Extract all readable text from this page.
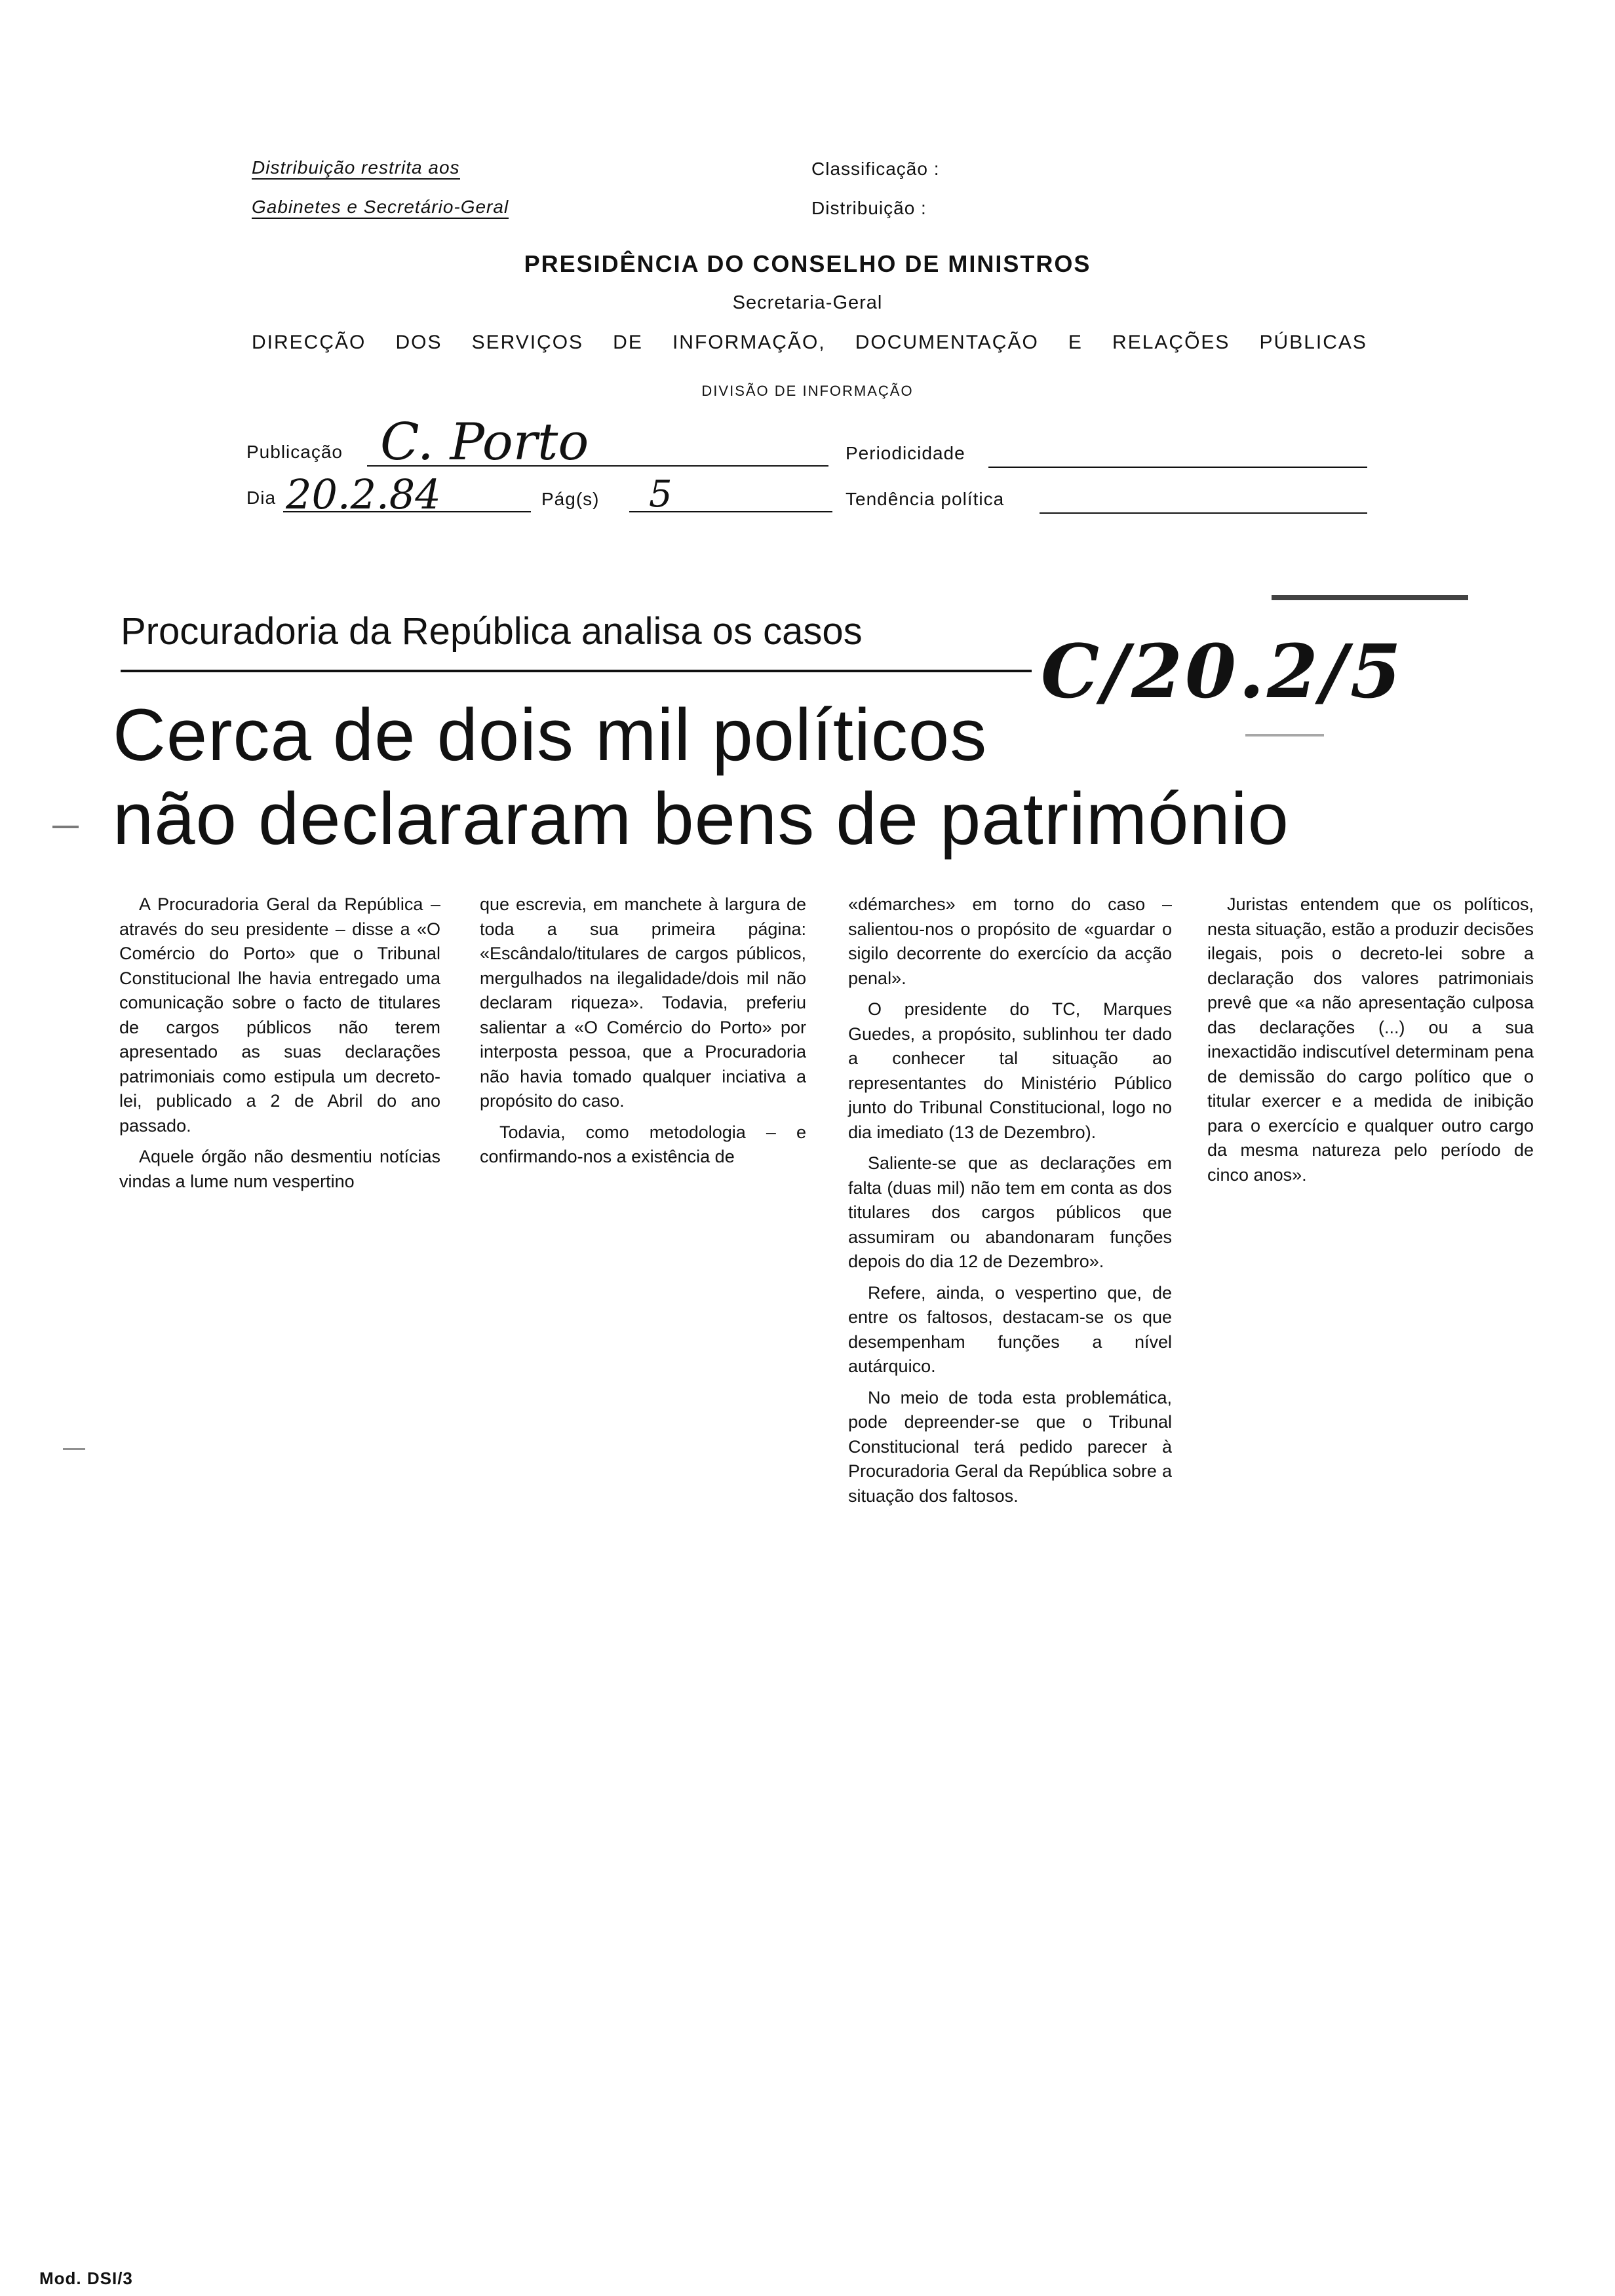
Distribuição restrita aos
Gabinetes e Secretário-Geral
Classificação :
Distribuição :
PRESIDÊNCIA DO CONSELHO DE MINISTROS
Secretaria-Geral
DIRECÇÃO DOS SERVIÇOS DE INFORMAÇÃO, DOCUMENTAÇÃO E RELAÇÕES PÚBLICAS
DIVISÃO DE INFORMAÇÃO
Publicação C. Porto	Periodicidade
Dia 20.2.84	Pág(s) 5	Tendência política
Procuradoria da República analisa os casos C/20.2/5
Cerca de dois mil políticos
não declararam bens de património

A Procuradoria Geral da República – através do seu presidente – disse a «O Comércio do Porto» que o Tribunal Constitucional lhe havia entregado uma comunicação sobre o facto de titulares de cargos públicos não terem apresentado as suas declarações patrimoniais como estipula um decreto-lei, publicado a 2 de Abril do ano passado.

Aquele órgão não desmentiu notícias vindas a lume num vespertino

que escrevia, em manchete à largura de toda a sua primeira página: «Escândalo/titulares de cargos públicos, mergulhados na ilegalidade/dois mil não declaram riqueza». Todavia, preferiu salientar a «O Comércio do Porto» por interposta pessoa, que a Procuradoria não havia tomado qualquer inciativa a propósito do caso.

Todavia, como metodologia – e confirmando-nos a existência de

«démarches» em torno do caso – salientou-nos o propósito de «guardar o sigilo decorrente do exercício da acção penal».

O presidente do TC, Marques Guedes, a propósito, sublinhou ter dado a conhecer tal situação ao representantes do Ministério Público junto do Tribunal Constitucional, logo no dia imediato (13 de Dezembro).

Saliente-se que as declarações em falta (duas mil) não tem em conta as dos titulares dos cargos públicos que assumiram ou abandonaram funções depois do dia 12 de Dezembro».

Refere, ainda, o vespertino que, de entre os faltosos, destacam-se os que desempenham funções a nível autárquico.

No meio de toda esta problemática, pode depreender-se que o Tribunal Constitucional terá pedido parecer à Procuradoria Geral da República sobre a situação dos faltosos.

Juristas entendem que os políticos, nesta situação, estão a produzir decisões ilegais, pois o decreto-lei sobre a declaração dos valores patrimoniais prevê que «a não apresentação culposa das declarações (...) ou a sua inexactidão indiscutível determinam pena de demissão do cargo político que o titular exercer e a medida de inibição para o exercício e qualquer outro cargo da mesma natureza pelo período de cinco anos».

Mod. DSI/3
